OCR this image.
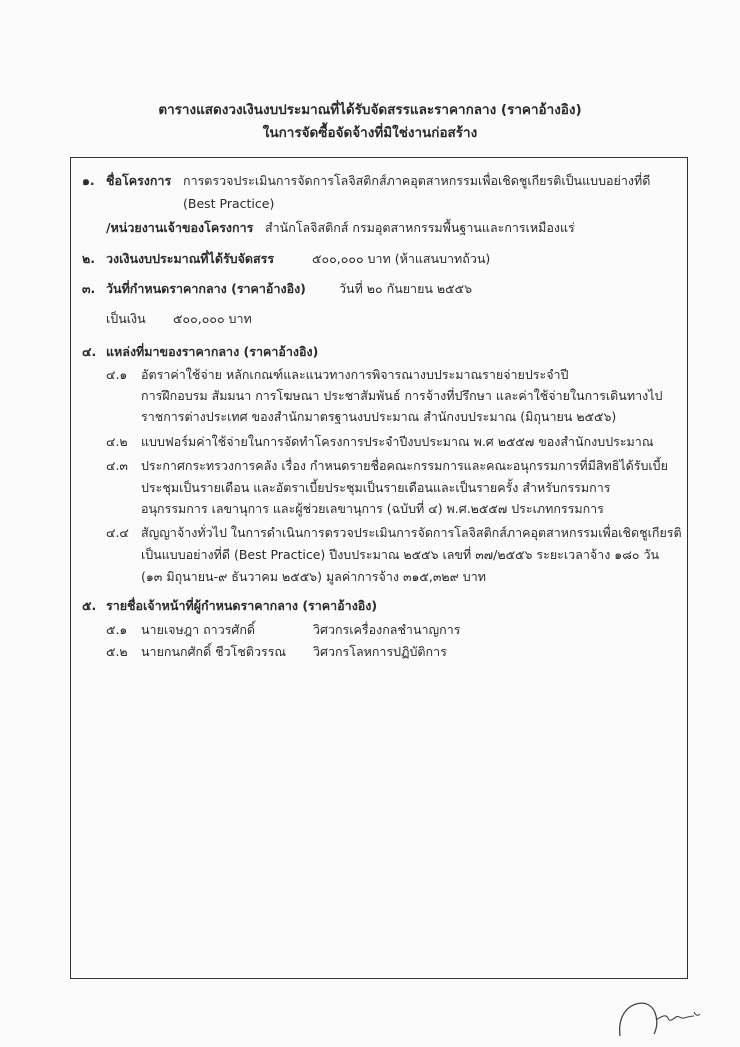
ตารางแสดงวงเงินงบประมาณที่ได้รับจัดสรรและราคากลาง (ราคาอ้างอิง)
ในการจัดซื้อจัดจ้างที่มิใช่งานก่อสร้าง
๑. ชื่อโครงการ การตรวจประเมินการจัดการโลจิสติกส์ภาคอุตสาหกรรมเพื่อเชิดชูเกียรติเป็นแบบอย่างที่ดี
(Best Practice)
/หน่วยงานเจ้าของโครงการ สำนักโลจิสติกส์ กรมอุตสาหกรรมพื้นฐานและการเหมืองแร่
๒. วงเงินงบประมาณที่ได้รับจัดสรร	๕๐๐,๐๐๐ บาท (ห้าแสนบาทถ้วน)
๓. วันที่กำหนดราคากลาง (ราคาอ้างอิง)	วันที่ ๒๐ กันยายน ๒๕๕๖
เป็นเงิน ๕๐๐,๐๐๐ บาท
๔. แหล่งที่มาของราคากลาง (ราคาอ้างอิง)
๔.๑ อัตราค่าใช้จ่าย หลักเกณฑ์และแนวทางการพิจารณางบประมาณรายจ่ายประจำปี
การฝึกอบรม สัมมนา การโฆษณา ประชาสัมพันธ์ การจ้างที่ปรึกษา และค่าใช้จ่ายในการเดินทางไป
ราชการต่างประเทศ ของสำนักมาตรฐานงบประมาณ สำนักงบประมาณ (มิถุนายน ๒๕๕๖)
๔.๒ แบบฟอร์มค่าใช้จ่ายในการจัดทำโครงการประจำปีงบประมาณ พ.ศ ๒๕๕๗ ของสำนักงบประมาณ
๔.๓ ประกาศกระทรวงการคลัง เรื่อง กำหนดรายชื่อคณะกรรมการและคณะอนุกรรมการที่มีสิทธิได้รับเบี้ย
ประชุมเป็นรายเดือน และอัตราเบี้ยประชุมเป็นรายเดือนและเป็นรายครั้ง สำหรับกรรมการ
อนุกรรมการ เลขานุการ และผู้ช่วยเลขานุการ (ฉบับที่ ๔) พ.ศ.๒๕๕๗ ประเภทกรรมการ
๔.๔ สัญญาจ้างทั่วไป ในการดำเนินการตรวจประเมินการจัดการโลจิสติกส์ภาคอุตสาหกรรมเพื่อเชิดชูเกียรติ
เป็นแบบอย่างที่ดี (Best Practice) ปีงบประมาณ ๒๕๕๖ เลขที่ ๓๗/๒๕๕๖ ระยะเวลาจ้าง ๑๘๐ วัน
(๑๓ มิถุนายน-๙ ธันวาคม ๒๕๕๖) มูลค่าการจ้าง ๓๑๕,๓๒๙ บาท
๕. รายชื่อเจ้าหน้าที่ผู้กำหนดราคากลาง (ราคาอ้างอิง)
๕.๑ นายเจษฎา ถาวรศักดิ์	วิศวกรเครื่องกลชำนาญการ
๕.๒ นายกนกศักดิ์ ชีวโชติวรรณ วิศวกรโลหการปฏิบัติการ
